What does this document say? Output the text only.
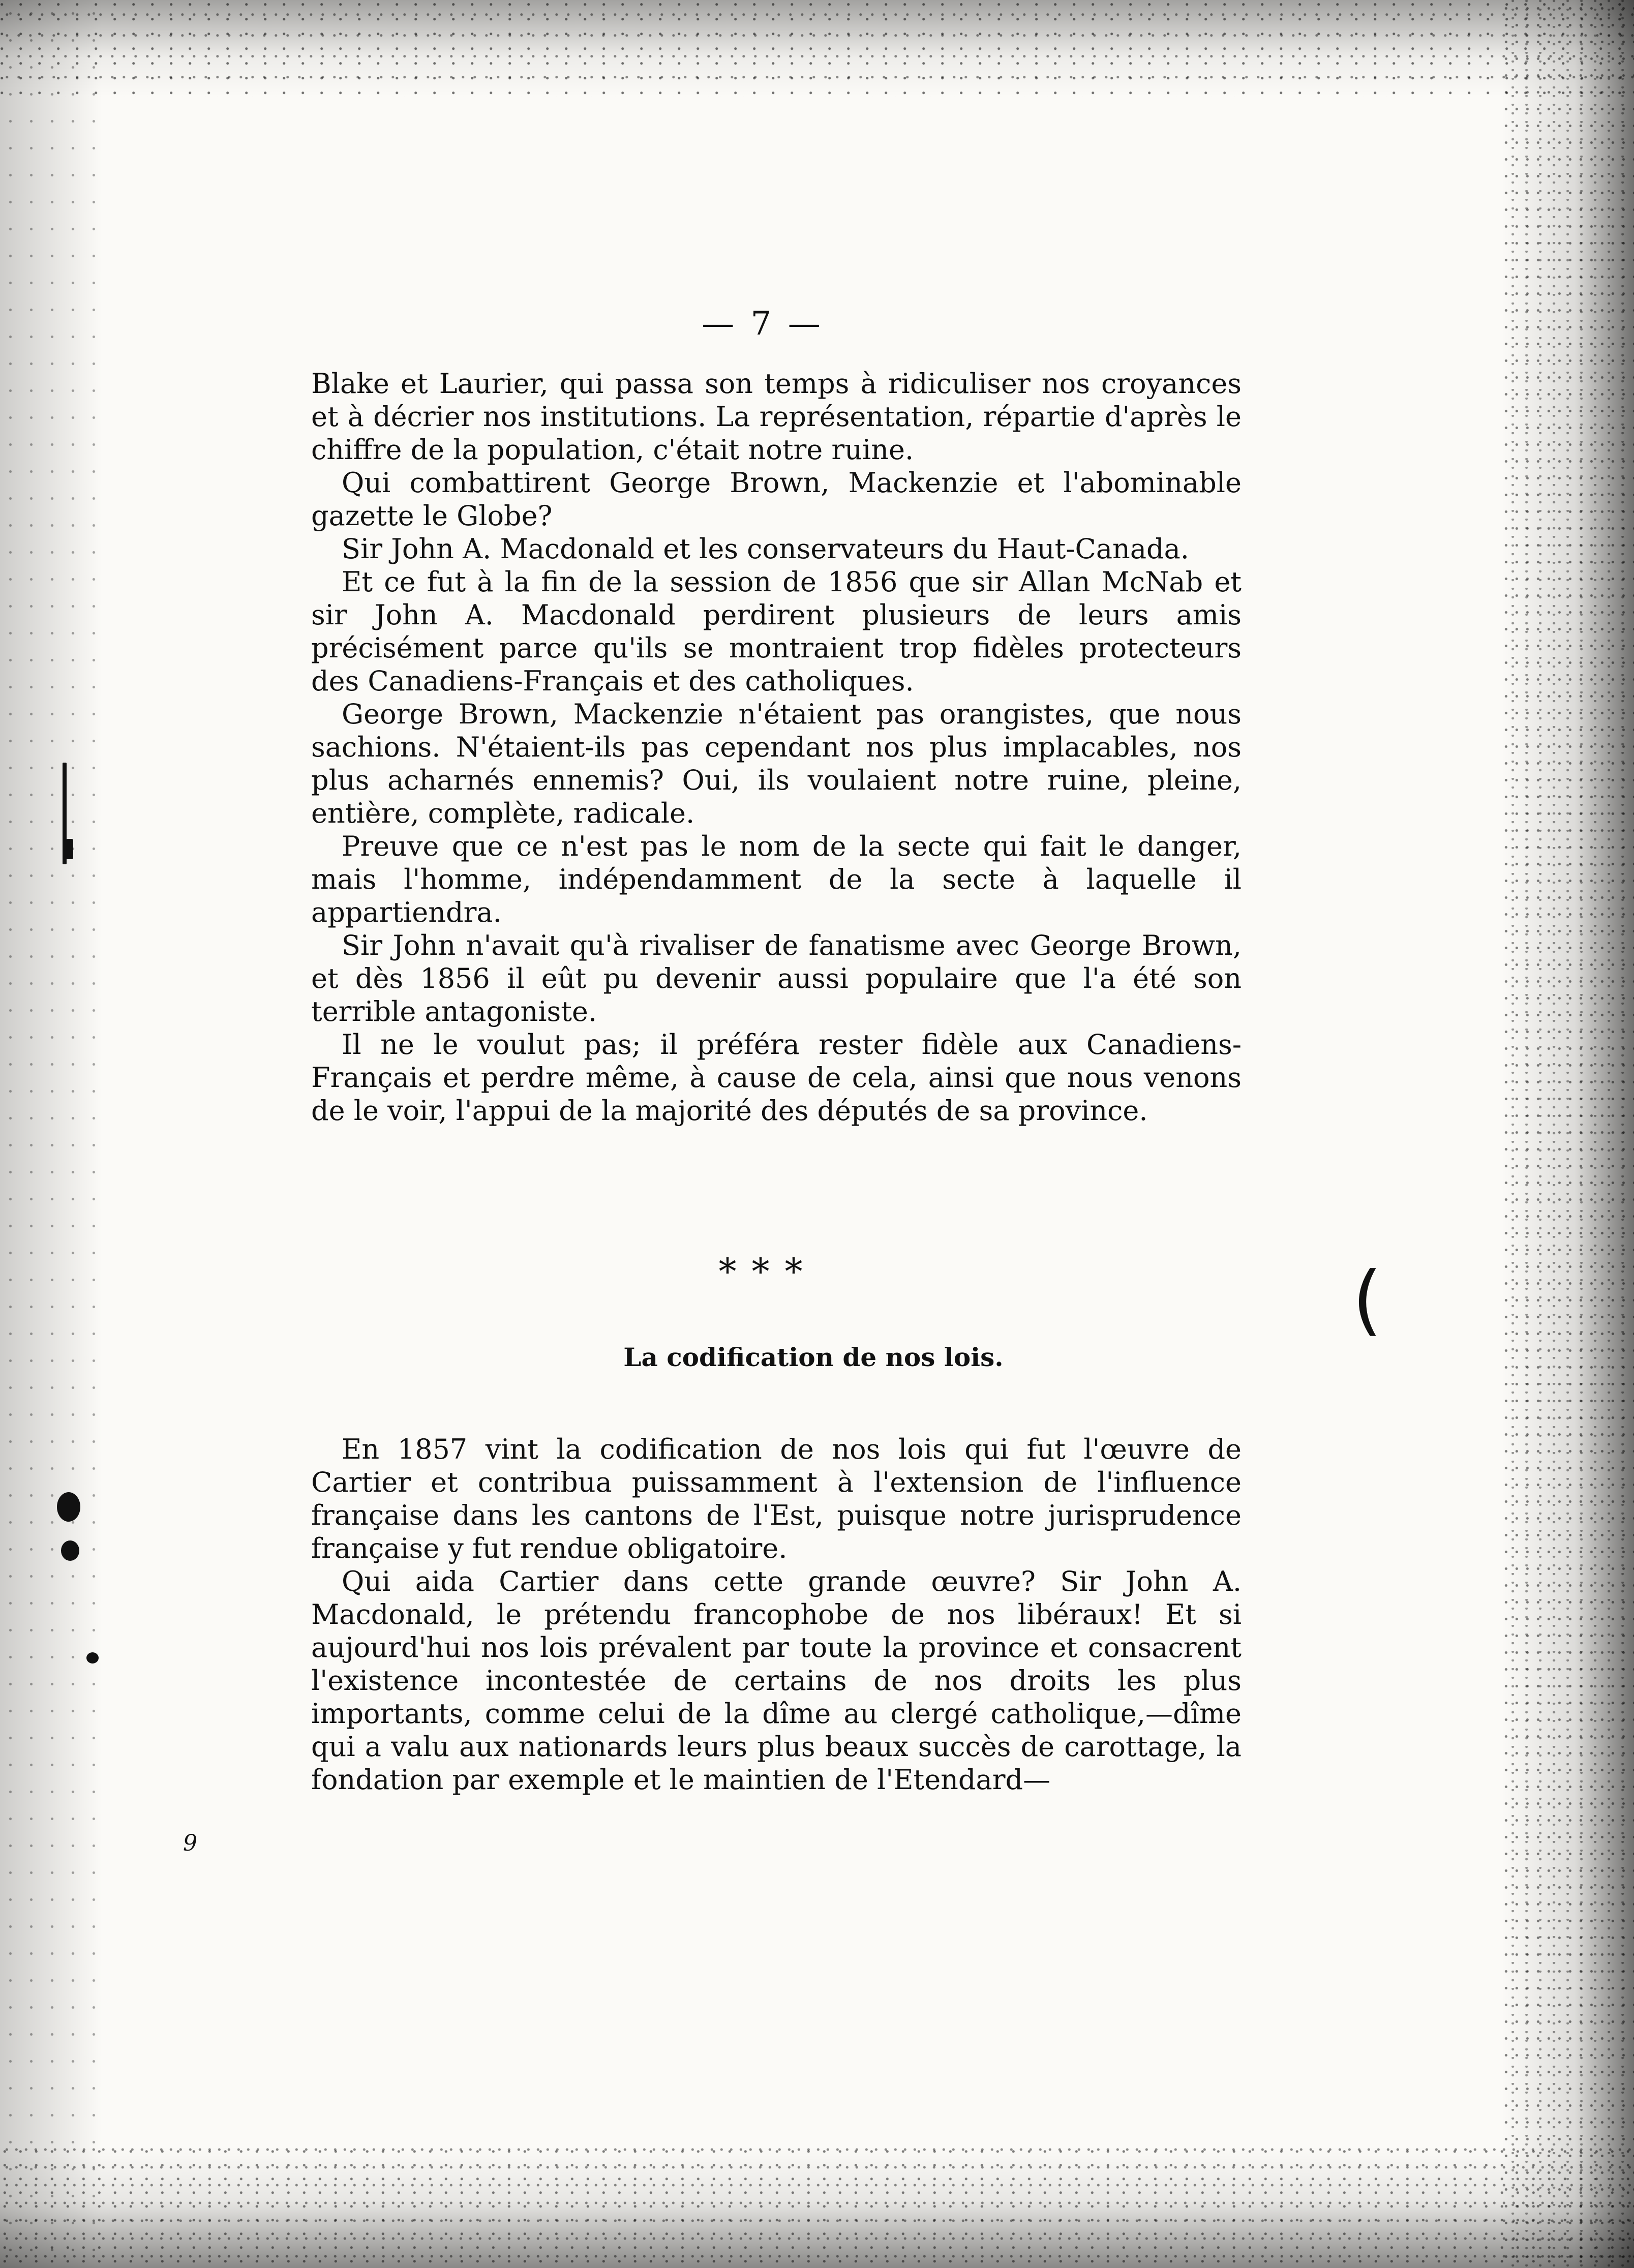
— 7 —

Blake et Laurier, qui passa son temps à ridiculiser nos croyances et à décrier nos institutions. La représentation, répartie d'après le chiffre de la population, c'était notre ruine.

Qui combattirent George Brown, Mackenzie et l'abominable gazette le Globe?

Sir John A. Macdonald et les conservateurs du Haut-Canada.

Et ce fut à la fin de la session de 1856 que sir Allan McNab et sir John A. Macdonald perdirent plusieurs de leurs amis précisément parce qu'ils se montraient trop fidèles protecteurs des Canadiens-Français et des catholiques.

George Brown, Mackenzie n'étaient pas orangistes, que nous sachions. N'étaient-ils pas cependant nos plus implacables, nos plus acharnés ennemis? Oui, ils voulaient notre ruine, pleine, entière, complète, radicale.

Preuve que ce n'est pas le nom de la secte qui fait le danger, mais l'homme, indépendamment de la secte à laquelle il appartiendra.

Sir John n'avait qu'à rivaliser de fanatisme avec George Brown, et dès 1856 il eût pu devenir aussi populaire que l'a été son terrible antagoniste.

Il ne le voulut pas; il préféra rester fidèle aux Canadiens-Français et perdre même, à cause de cela, ainsi que nous venons de le voir, l'appui de la majorité des députés de sa province.

* * *
La codification de nos lois.

En 1857 vint la codification de nos lois qui fut l'œuvre de Cartier et contribua puissamment à l'extension de l'influence française dans les cantons de l'Est, puisque notre jurisprudence française y fut rendue obligatoire.

Qui aida Cartier dans cette grande œuvre? Sir John A. Macdonald, le prétendu francophobe de nos libéraux! Et si aujourd'hui nos lois prévalent par toute la province et consacrent l'existence incontestée de certains de nos droits les plus importants, comme celui de la dîme au clergé catholique,—dîme qui a valu aux nationards leurs plus beaux succès de carottage, la fondation par exemple et le maintien de l'Etendard—

(
9
